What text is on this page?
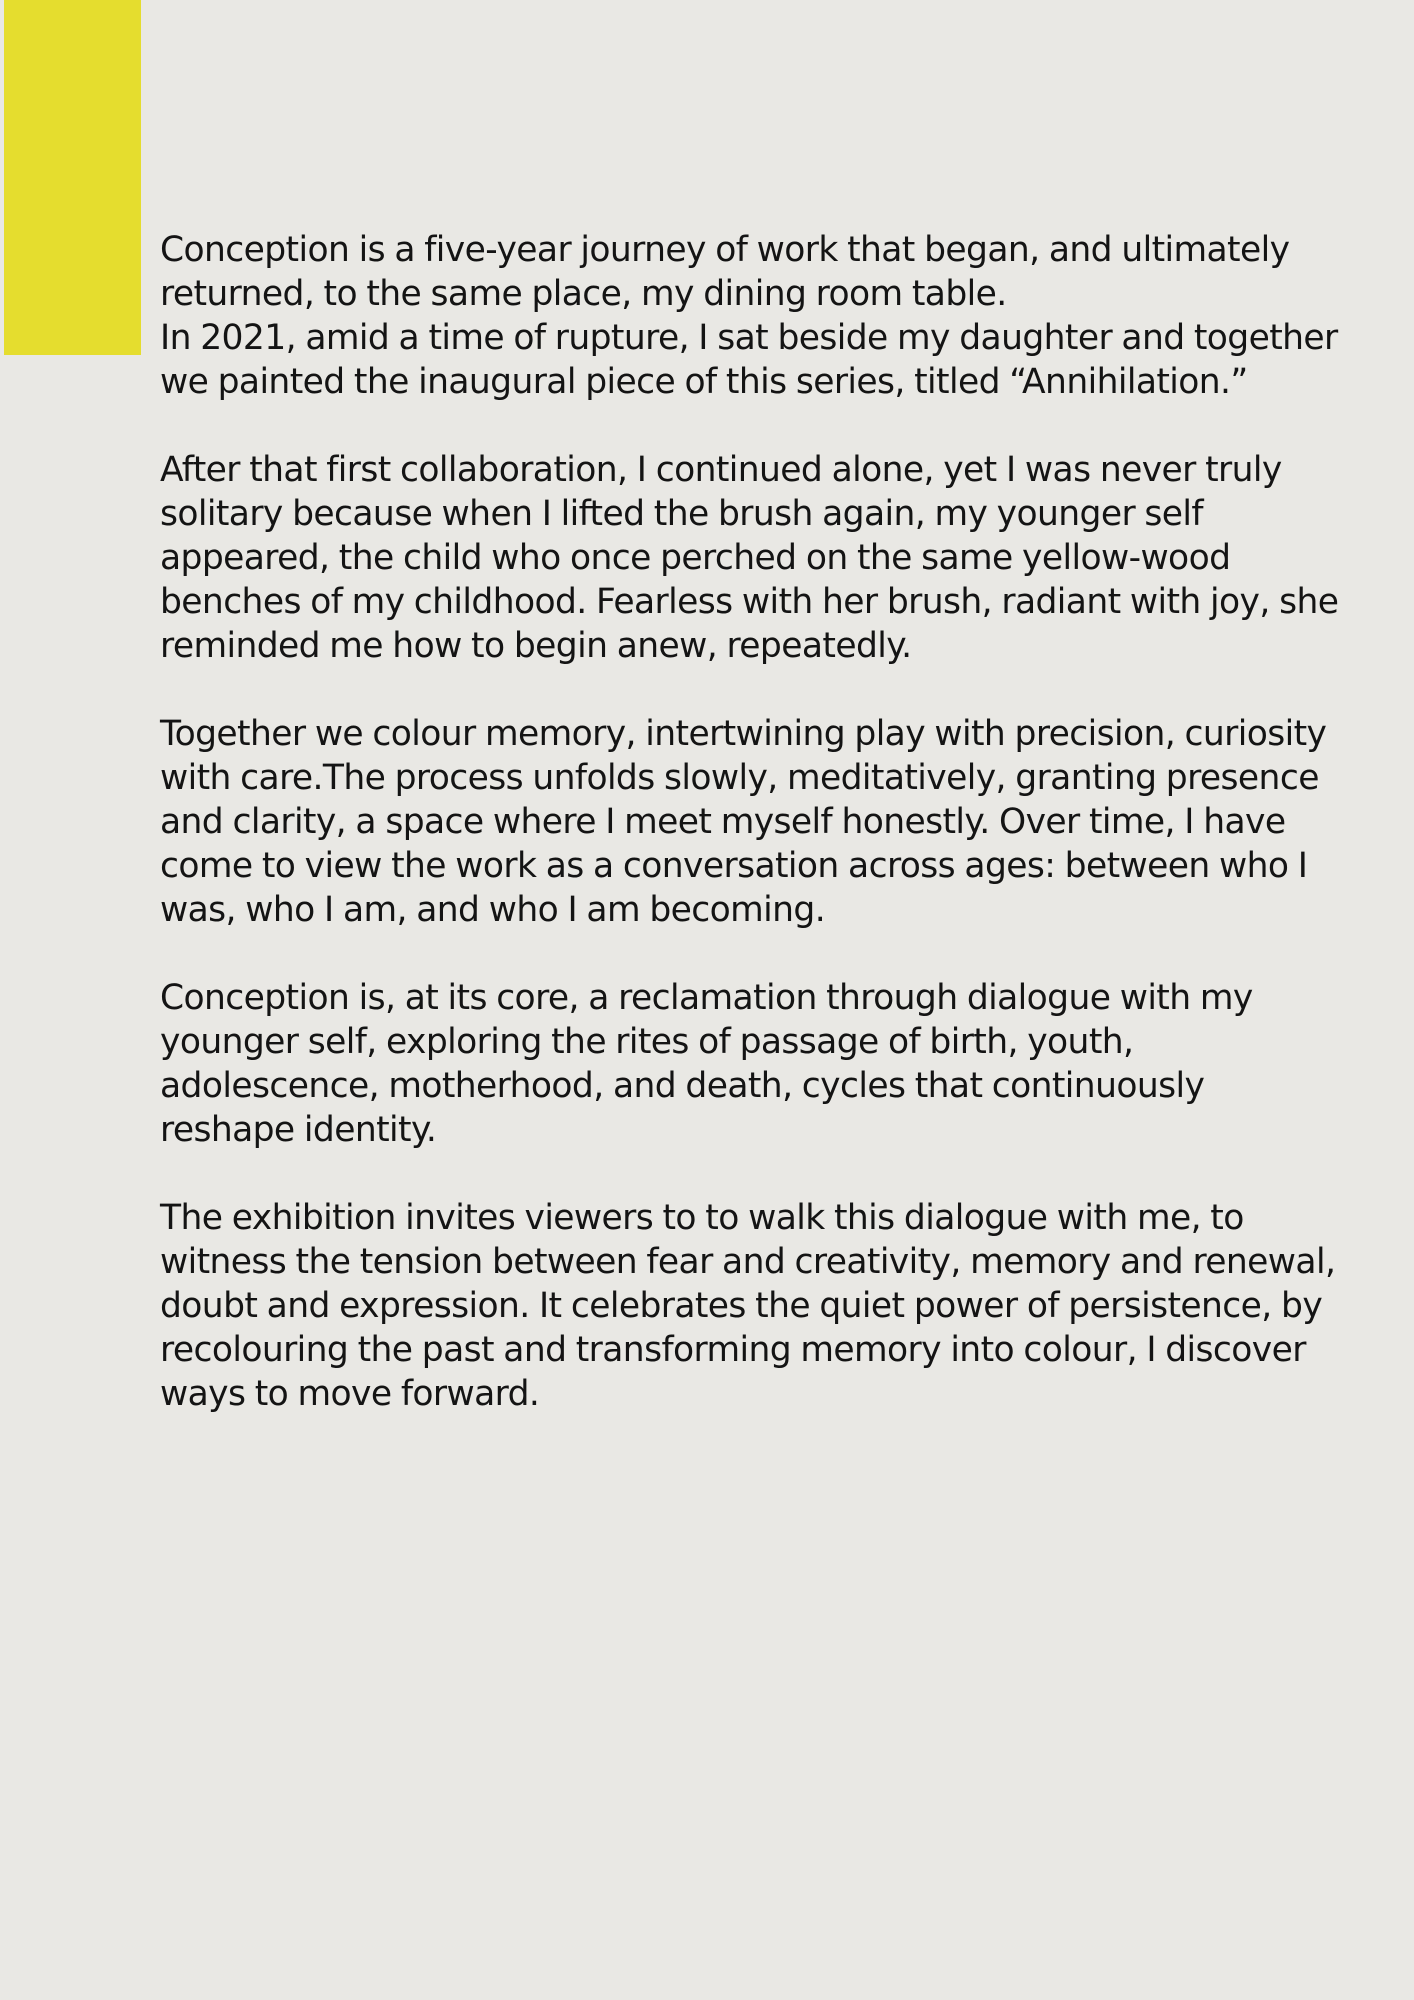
Conception is a five-year journey of work that began, and ultimately returned, to the same place, my dining room table.
In 2021, amid a time of rupture, I sat beside my daughter and together we painted the inaugural piece of this series, titled “Annihilation.”

After that first collaboration, I continued alone, yet I was never truly solitary because when I lifted the brush again, my younger self appeared, the child who once perched on the same yellow-wood benches of my childhood. Fearless with her brush, radiant with joy, she reminded me how to begin anew, repeatedly.

Together we colour memory, intertwining play with precision, curiosity with care.The process unfolds slowly, meditatively, granting presence and clarity, a space where I meet myself honestly. Over time, I have come to view the work as a conversation across ages: between who I was, who I am, and who I am becoming.

Conception is, at its core, a reclamation through dialogue with my younger self, exploring the rites of passage of birth, youth, adolescence, motherhood, and death, cycles that continuously reshape identity.

The exhibition invites viewers to to walk this dialogue with me, to witness the tension between fear and creativity, memory and renewal, doubt and expression. It celebrates the quiet power of persistence, by recolouring the past and transforming memory into colour, I discover ways to move forward.
